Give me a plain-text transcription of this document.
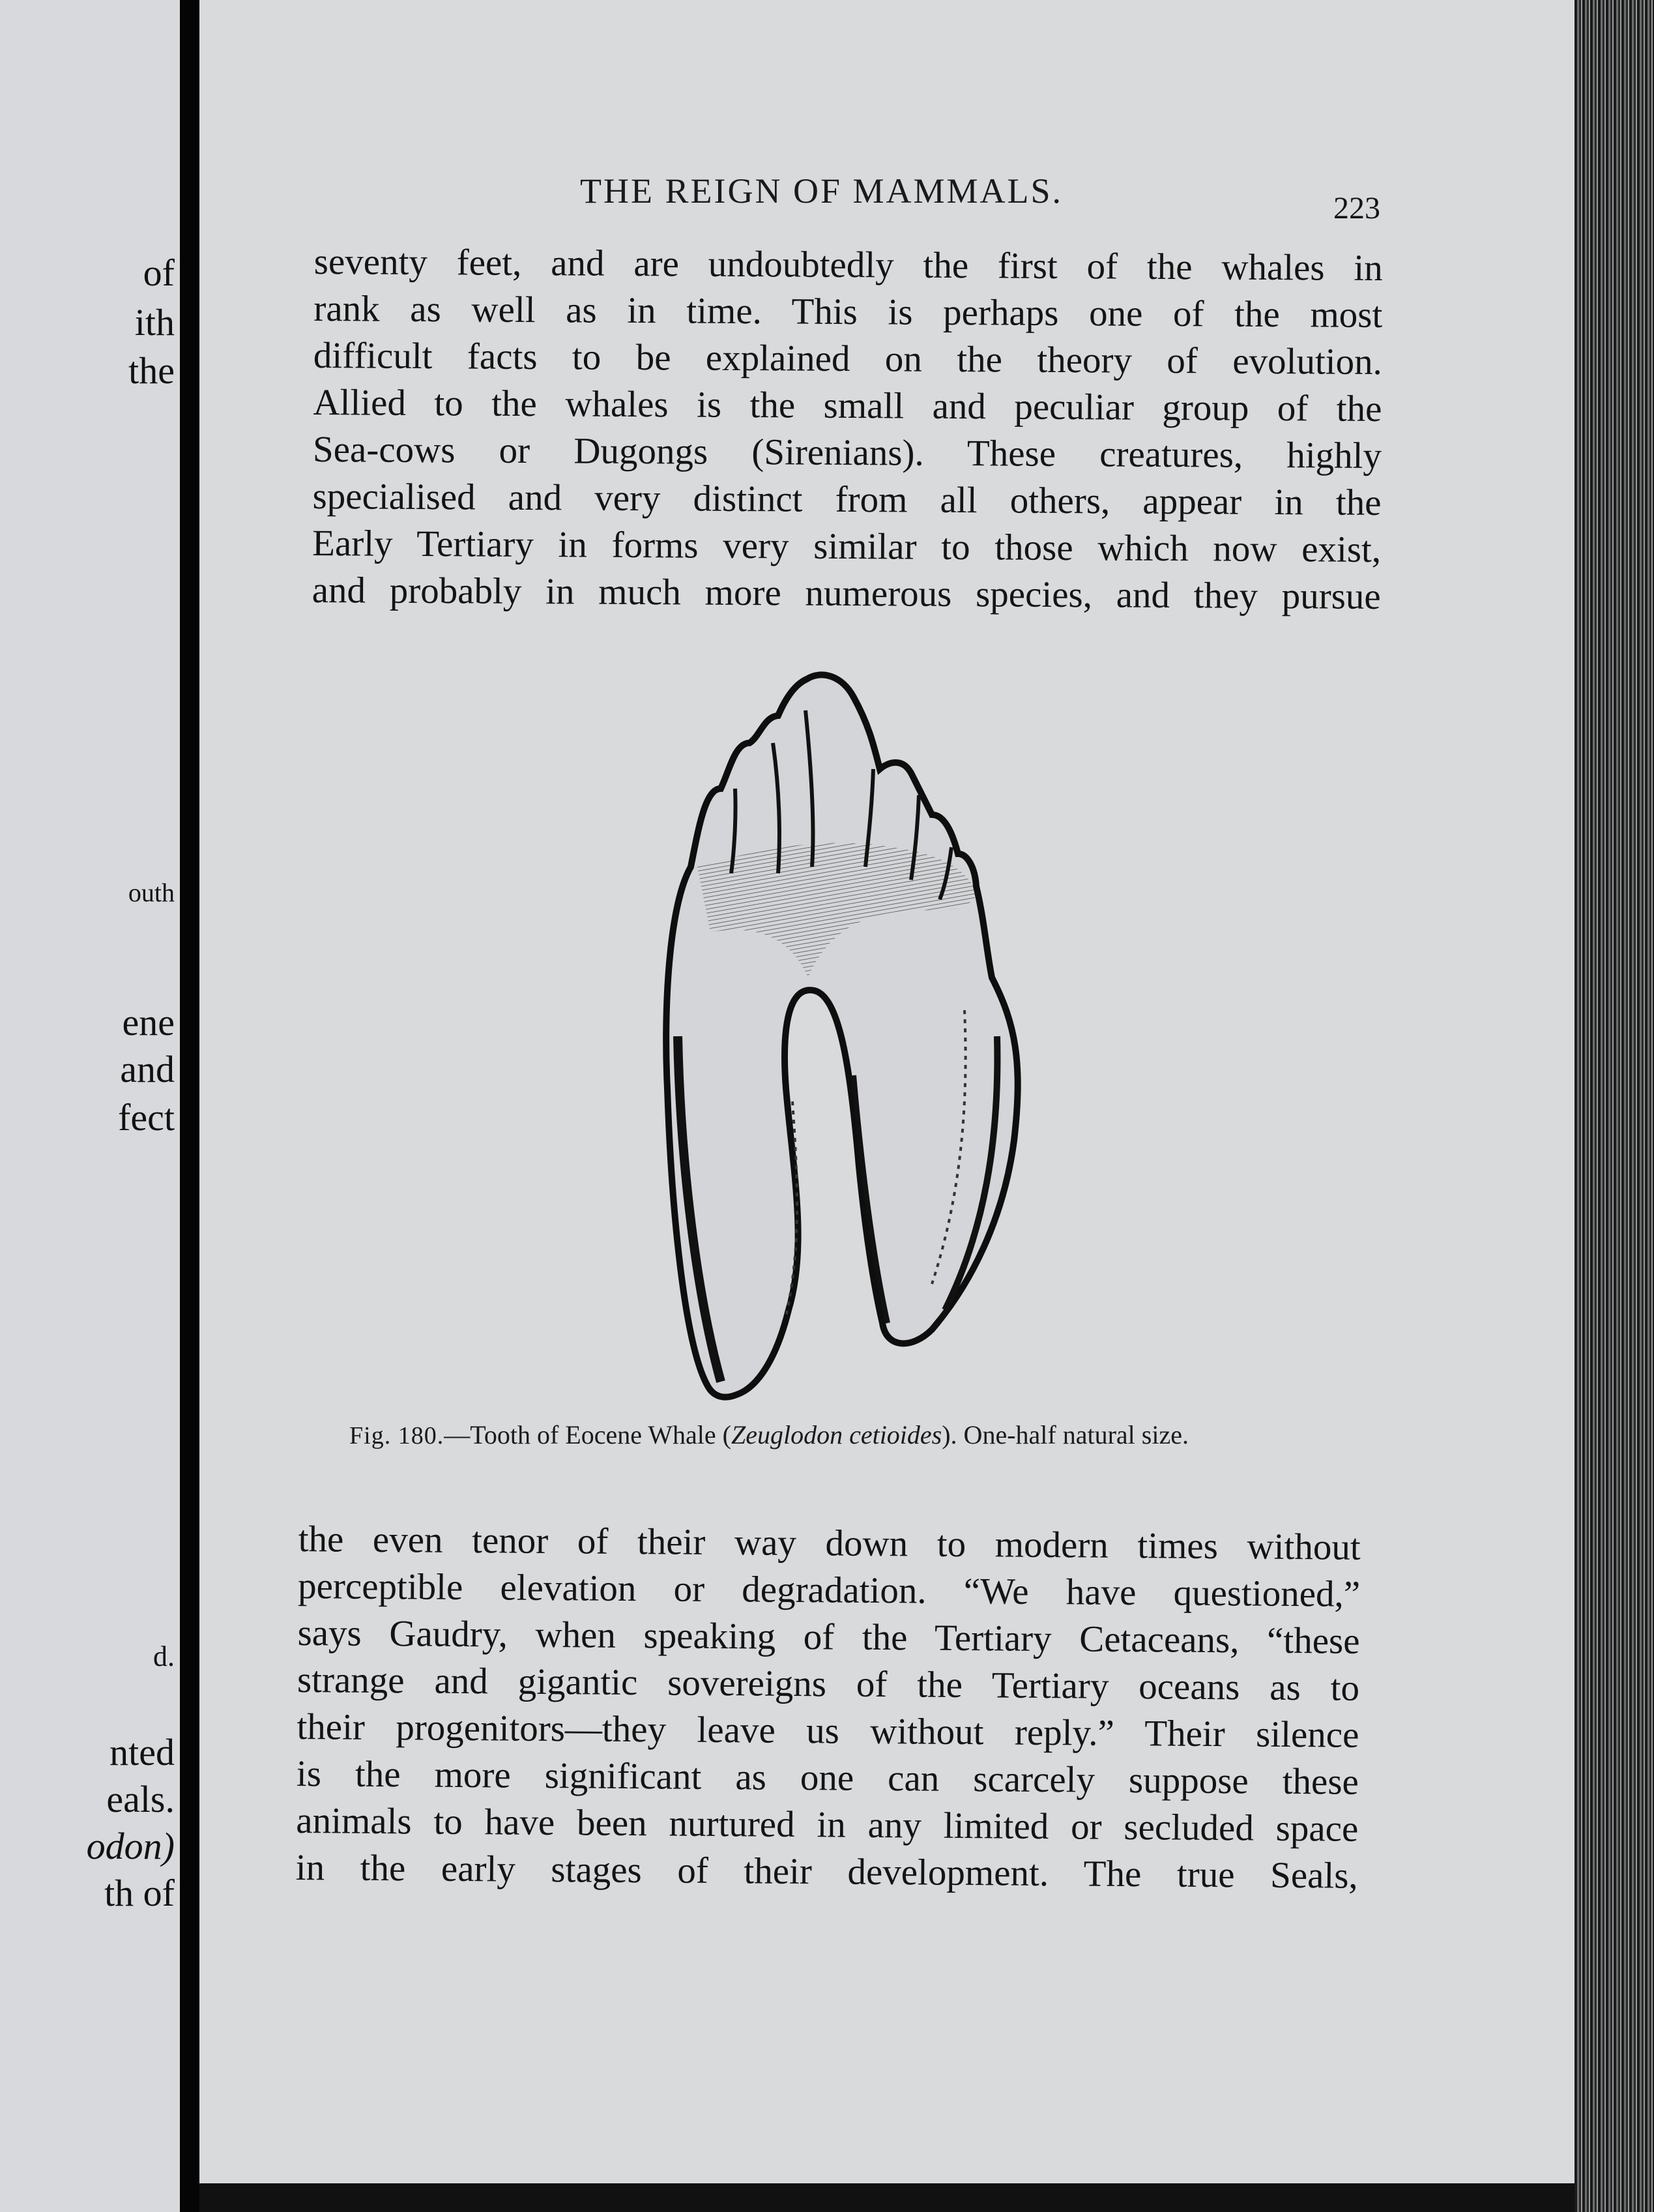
of
ith
the
outh
ene
and
fect
d.
nted
eals.
odon)
th of
THE REIGN OF MAMMALS.	223
seventy feet, and are undoubtedly the first of the whales in
rank as well as in time. This is perhaps one of the most
difficult facts to be explained on the theory of evolution.
Allied to the whales is the small and peculiar group of the
Sea-cows or Dugongs (Sirenians). These creatures, highly
specialised and very distinct from all others, appear in the
Early Tertiary in forms very similar to those which now exist,
and probably in much more numerous species, and they pursue
Fig. 180.—Tooth of Eocene Whale (Zeuglodon cetioides). One-half natural size.
the even tenor of their way down to modern times without
perceptible elevation or degradation. “We have questioned,”
says Gaudry, when speaking of the Tertiary Cetaceans, “these
strange and gigantic sovereigns of the Tertiary oceans as to
their progenitors—they leave us without reply.” Their silence
is the more significant as one can scarcely suppose these
animals to have been nurtured in any limited or secluded space
in the early stages of their development. The true Seals,
